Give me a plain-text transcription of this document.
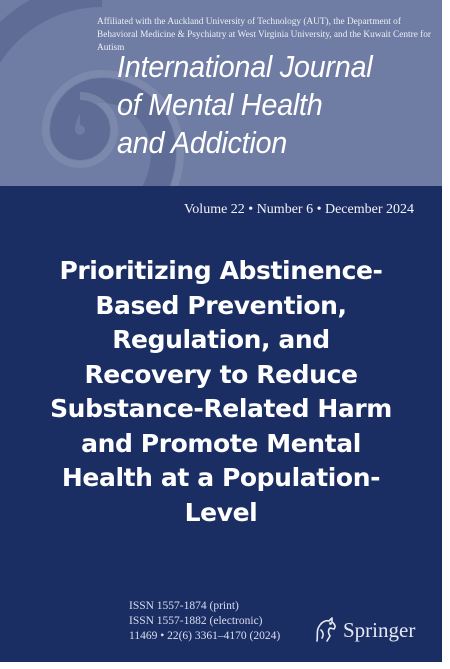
Affiliated with the Auckland University of Technology (AUT), the Department of Behavioral Medicine & Psychiatry at West Virginia University, and the Kuwait Centre for Autism
International Journal
of Mental Health
and Addiction
Volume 22 • Number 6 • December 2024
Prioritizing Abstinence-
Based Prevention,
Regulation, and
Recovery to Reduce
Substance-Related Harm
and Promote Mental
Health at a Population-
Level
ISSN 1557-1874 (print)
ISSN 1557-1882 (electronic)
11469 • 22(6) 3361–4170 (2024)	Springer
